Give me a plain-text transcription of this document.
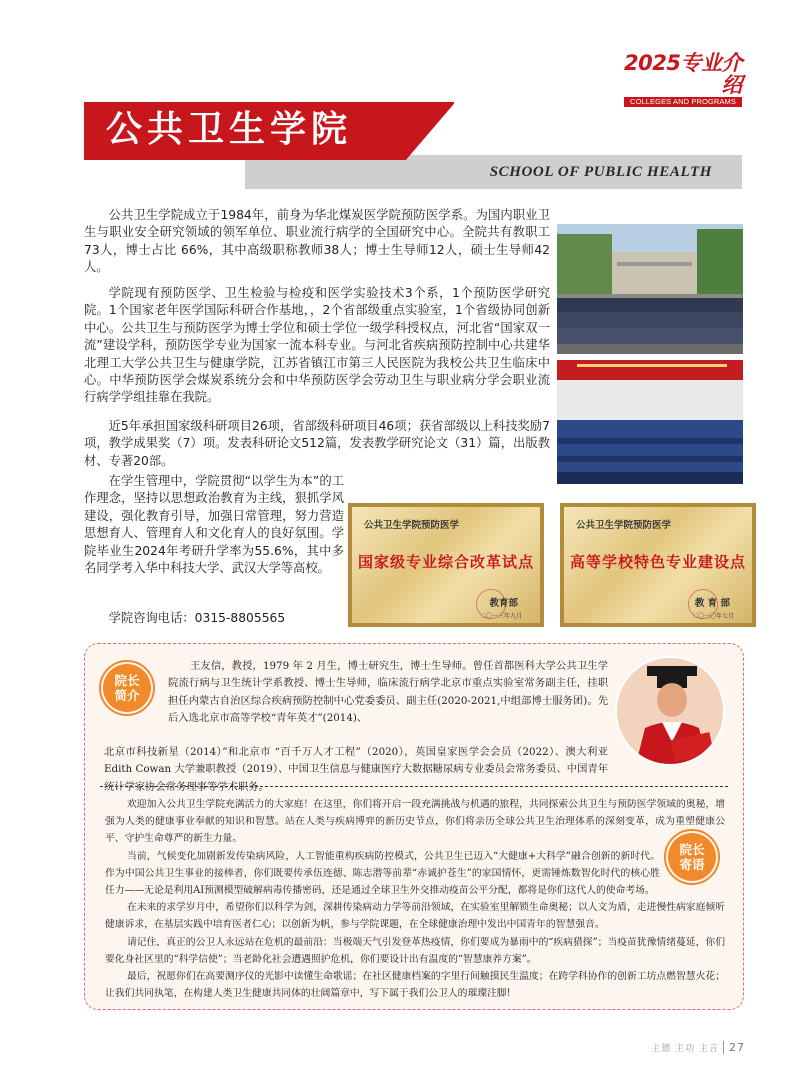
2025专业介绍
COLLEGES AND PROGRAMS
公共卫生学院
SCHOOL OF PUBLIC HEALTH

公共卫生学院成立于1984年，前身为华北煤炭医学院预防医学系。为国内职业卫生与职业安全研究领域的领军单位、职业流行病学的全国研究中心。全院共有教职工73人，博士占比 66%，其中高级职称教师38人；博士生导师12人，硕士生导师42人。

学院现有预防医学、卫生检验与检疫和医学实验技术3个系，1个预防医学研究院。1个国家老年医学国际科研合作基地，，2个省部级重点实验室，1个省级协同创新中心。公共卫生与预防医学为博士学位和硕士学位一级学科授权点，河北省“国家双一流”建设学科，预防医学专业为国家一流本科专业。与河北省疾病预防控制中心共建华北理工大学公共卫生与健康学院，江苏省镇江市第三人民医院为我校公共卫生临床中心。中华预防医学会煤炭系统分会和中华预防医学会劳动卫生与职业病分学会职业流行病学学组挂靠在我院。

近5年承担国家级科研项目26项，省部级科研项目46项；获省部级以上科技奖励7项，教学成果奖（7）项。发表科研论文512篇，发表教学研究论文（31）篇，出版教材、专著20部。

在学生管理中，学院贯彻“以学生为本”的工作理念，坚持以思想政治教育为主线，狠抓学风建设，强化教育引导，加强日常管理，努力营造思想育人、管理育人和文化育人的良好氛围。学院毕业生2024年考研升学率为55.6%，其中多名同学考入华中科技大学、武汉大学等高校。

学院咨询电话：0315-8805565

公共卫生学院预防医学
国家级专业综合改革试点
教育部
二〇一三年九月
公共卫生学院预防医学
高等学校特色专业建设点
教 育 部
二〇一〇年七月
院长
简介

王友信，教授，1979 年 2 月生，博士研究生，博士生导师。曾任首都医科大学公共卫生学院流行病与卫生统计学系教授、博士生导师，临床流行病学北京市重点实验室常务副主任，挂职担任内蒙古自治区综合疾病预防控制中心党委委员、副主任(2020-2021,中组部博士服务团)。先后入选北京市高等学校“青年英才”(2014)、

北京市科技新星（2014）”和北京市 “百千万人才工程”（2020），英国皇家医学会会员（2022）、澳大利亚 Edith Cowan 大学兼职教授（2019）、中国卫生信息与健康医疗大数据糖尿病专业委员会常务委员、中国青年统计学家协会常务理事等学术职务。

欢迎加入公共卫生学院充满活力的大家庭！在这里，你们将开启一段充满挑战与机遇的旅程，共同探索公共卫生与预防医学领域的奥秘，增强为人类的健康事业奉献的知识和智慧。站在人类与疾病博弈的新历史节点，你们将亲历全球公共卫生治理体系的深刻变革，成为重塑健康公平、守护生命尊严的新生力量。

当前，气候变化加剧新发传染病风险，人工智能重构疾病防控模式，公共卫生已迈入“大健康+大科学”融合创新的新时代。作为中国公共卫生事业的接棒者，你们既要传承伍连德、陈志潜等前辈“赤诚护苍生”的家国情怀，更需锤炼数智化时代的核心胜任力——无论是利用AI预测模型破解病毒传播密码，还是通过全球卫生外交推动疫苗公平分配，都将是你们这代人的使命考场。

在未来的求学岁月中，希望你们以科学为剑，深耕传染病动力学等前沿领域，在实验室里解锁生命奥秘；以人文为盾，走进慢性病家庭倾听健康诉求，在基层实践中培育医者仁心；以创新为帆，参与学院课题，在全球健康治理中发出中国青年的智慧强音。

请记住，真正的公卫人永远站在危机的最前沿：当极端天气引发登革热疫情，你们要成为暴雨中的“疾病猎探”；当疫苗犹豫情绪蔓延，你们要化身社区里的“科学信使”；当老龄化社会遭遇照护危机，你们要设计出有温度的“智慧康养方案”。

最后，祝愿你们在高要测序仪的光影中读懂生命歌谣；在社区健康档案的字里行间触摸民生温度；在跨学科协作的创新工坊点燃智慧火花；让我们共同执笔，在构建人类卫生健康共同体的壮阔篇章中，写下属于我们公卫人的璀璨注脚!

院长
寄语
主德 主功 主言 27
